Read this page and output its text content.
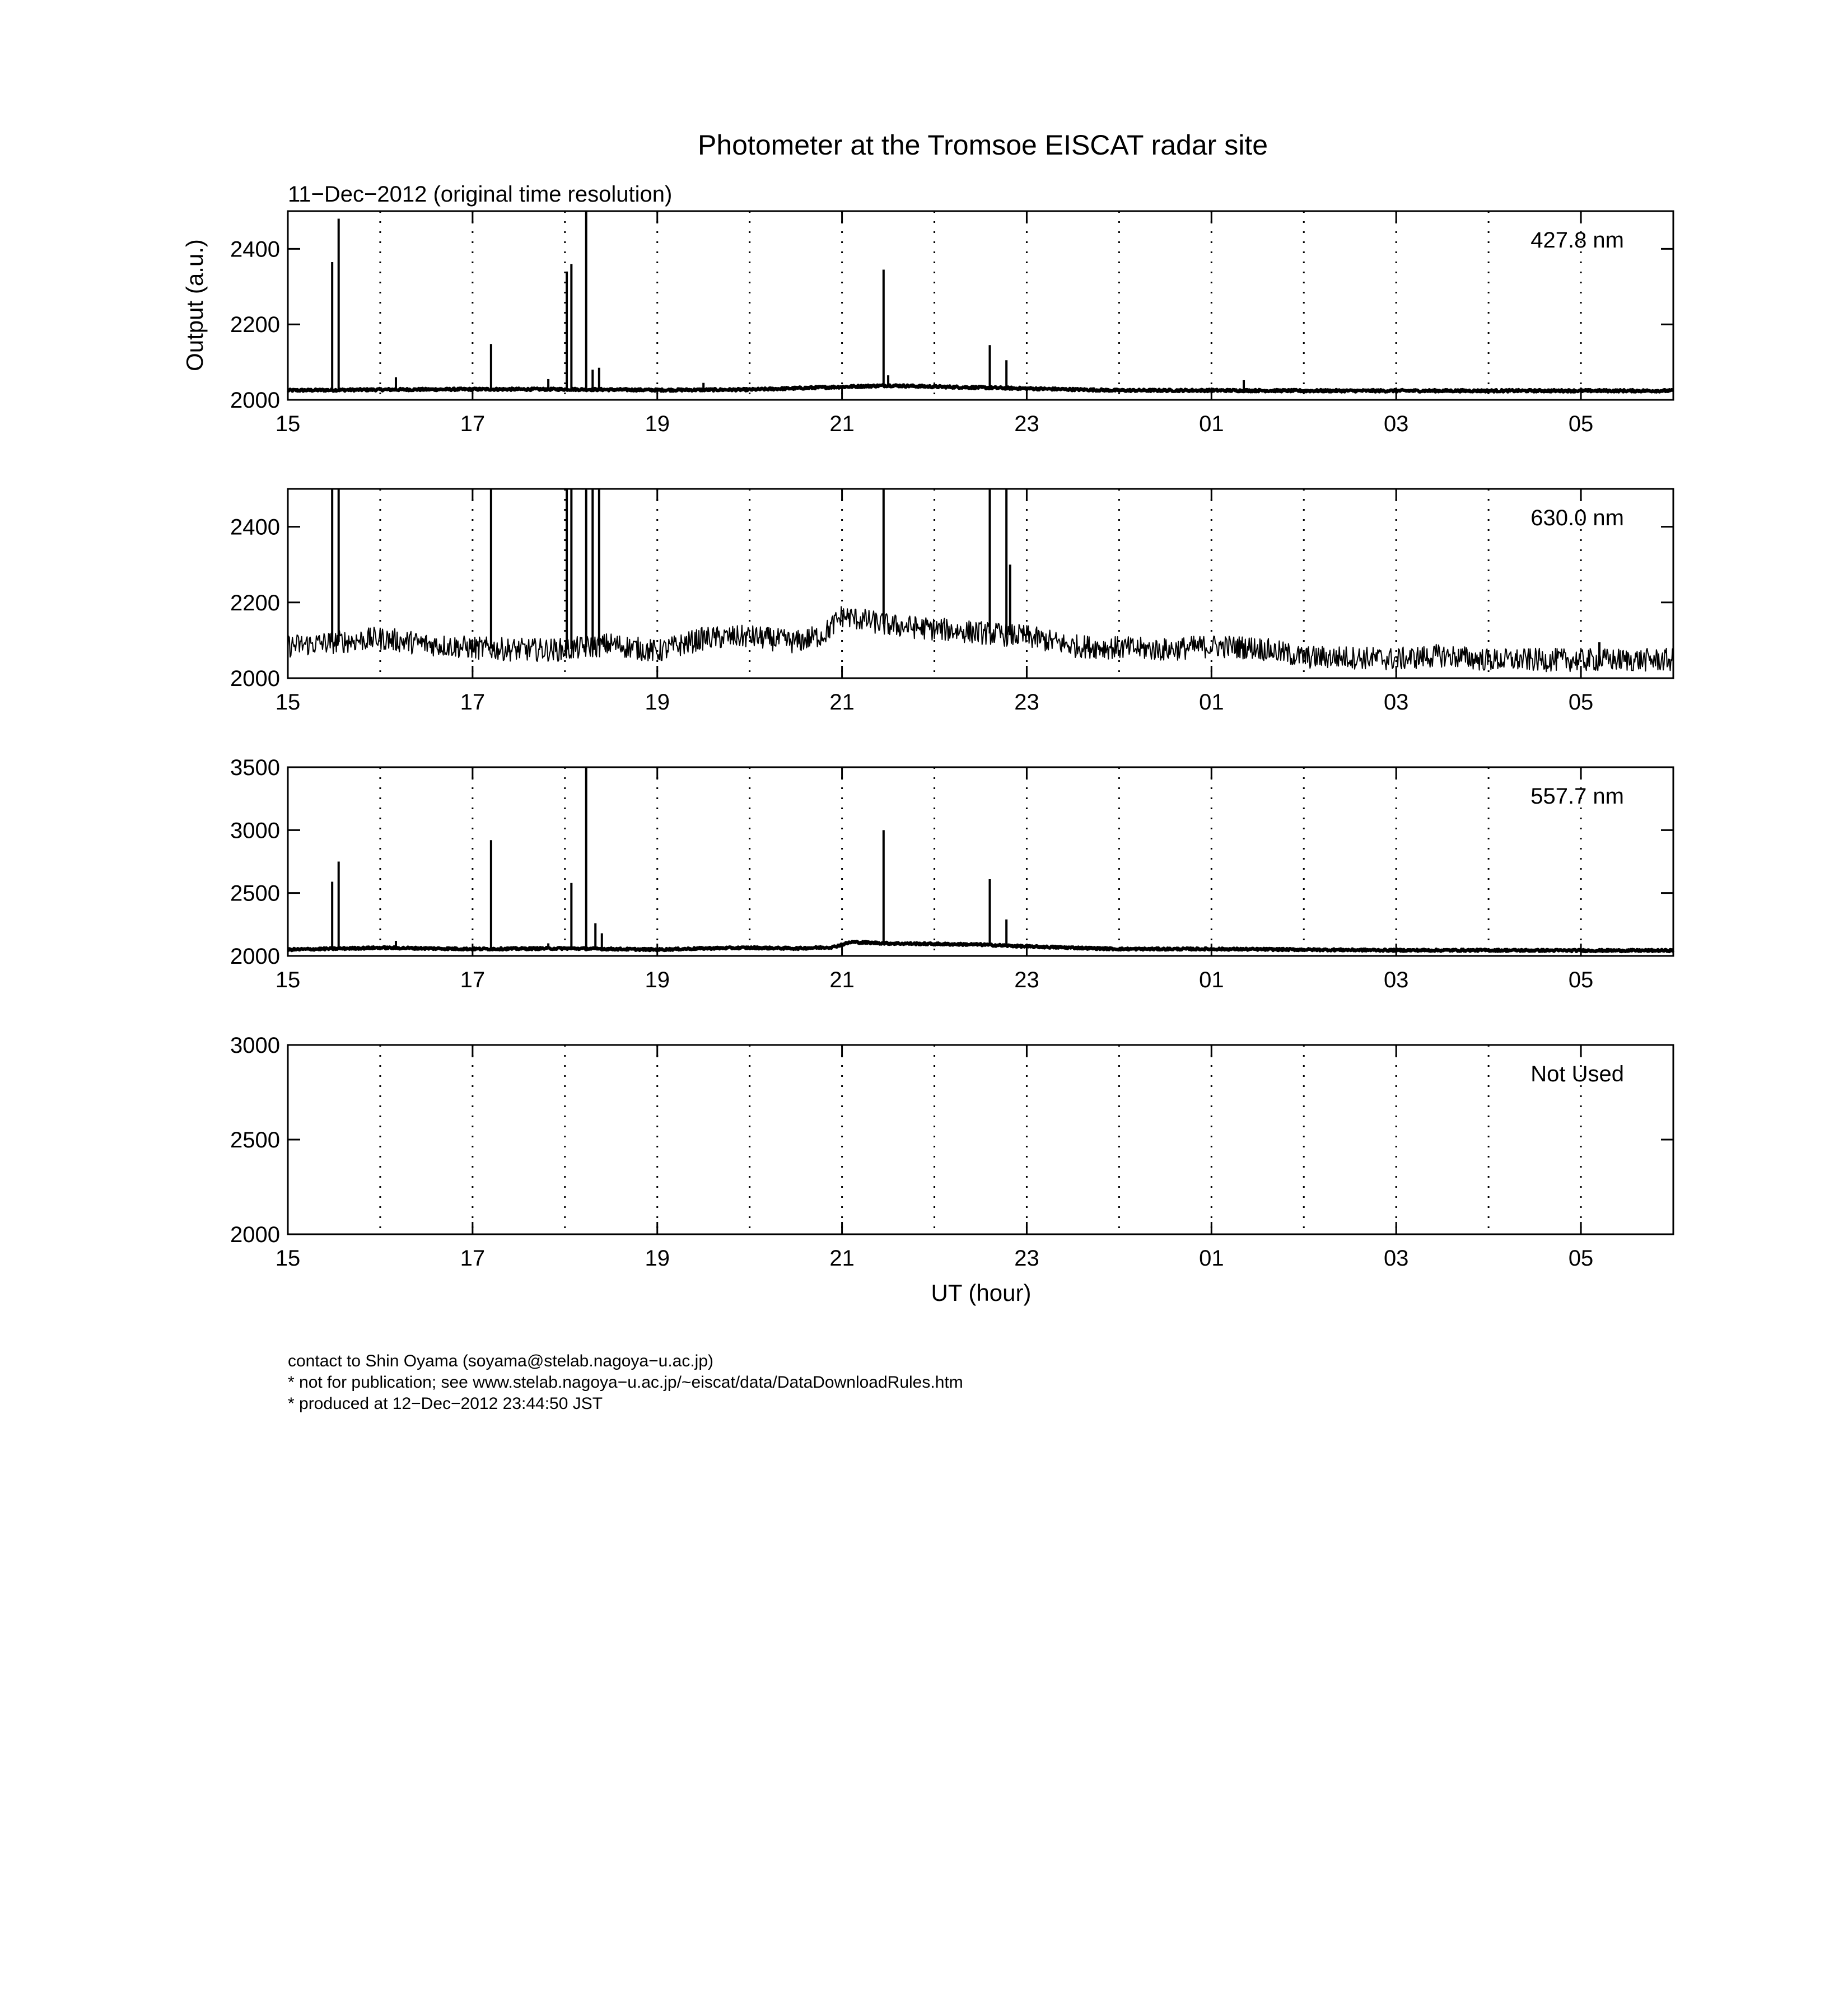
Photometer at the Tromsoe EISCAT radar site
11−Dec−2012 (original time resolution)
Output (a.u.)
UT (hour)
2000
2200
2400
15	17	19	21	23	01	03	05
427.8 nm
2000
2200
2400
15	17	19	21	23	01	03	05
630.0 nm
2000
2500
3000
3500
15	17	19	21	23	01	03	05
557.7 nm
2000
2500
3000
15	17	19	21	23	01	03	05
Not Used
contact to Shin Oyama (soyama@stelab.nagoya−u.ac.jp)
* not for publication; see www.stelab.nagoya−u.ac.jp/~eiscat/data/DataDownloadRules.htm
* produced at 12−Dec−2012 23:44:50 JST
